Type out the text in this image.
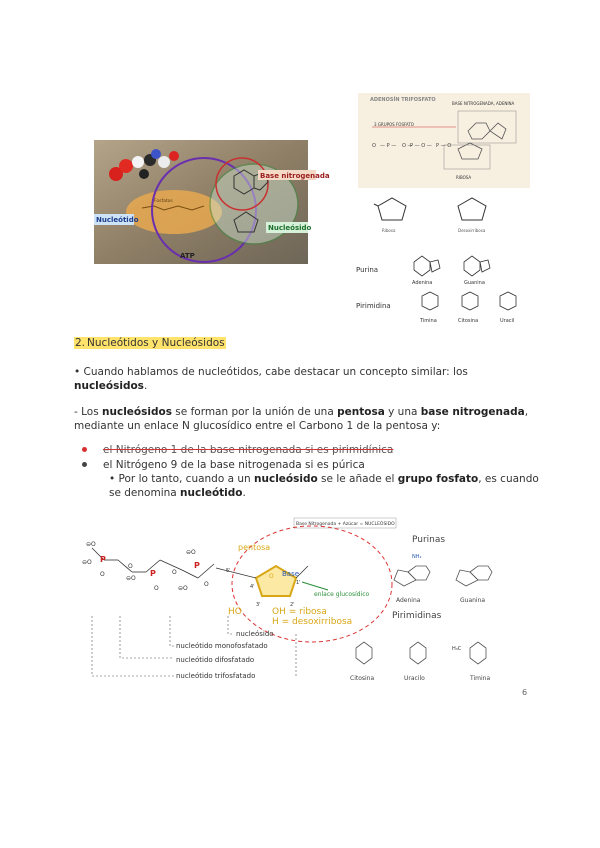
Base nitrogenada
Nucleótido
Nucleósido
Fosfatos
ATP
ADENOSÍN TRIFOSFATO
BASE NITROGENADA, ADENINA
3 GRUPOS FOSFATO
O — P — O —
P — O — P — O
RIBOSA
Ribosa	Desoxirribosa
Purina
Adenina	Guanina
Pirimidina
Timina	Citosina	Uracil
2. Nucleótidos y Nucleósidos
• Cuando hablamos de nucleótidos, cabe destacar un concepto similar: los
nucleósidos.
- Los nucleósidos se forman por la unión de una pentosa y una base nitrogenada,
mediante un enlace N glucosídico entre el Carbono 1 de la pentosa y:
el Nitrógeno 1 de la base nitrogenada si es pirimidínica
el Nitrógeno 9 de la base nitrogenada si es púrica
• Por lo tanto, cuando a un nucleósido se le añade el grupo fosfato, es cuando
se denomina nucleótido.
Base Nitrogenada + Azúcar = NUCLEÓSIDO
P
P
P
⊖O
⊖O
O
O
⊖O
O
O
⊖O
⊖O
O
O
4'
3'	2'
1'
pentosa
Base
enlace glucosídico
HO	OH = ribosa
H = desoxirribosa
nucleósido
nucleótido monofosfatado
nucleótido difosfatado
nucleótido trifosfatado
Purinas
NH₂
Adenina	Guanina
Pirimidinas
Citosina	Uracilo
H₃C
Timina
6
